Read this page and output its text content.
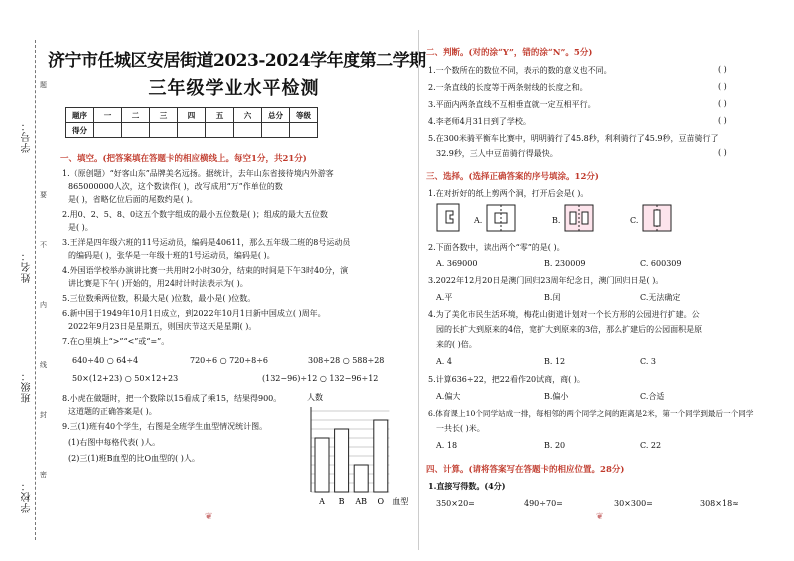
学号：
姓名：
班级：
学校：
题
要
不
内
线
封
密
济宁市任城区安居街道2023-2024学年度第二学期
三年级学业水平检测
题序	一	二	三	四	五	六	总分	等级
得分								
一、填空。(把答案填在答题卡的相应横线上。每空1分，共21分)
1.（原创题）“好客山东”品牌美名远扬。据统计，去年山东省接待境内外游客
865000000人次，这个数读作( )，改写成用“万”作单位的数
是( )，省略亿位后面的尾数约是( )。
2.用0、2、5、8、0这五个数字组成的最小五位数是( )；组成的最大五位数
是( )。
3.王洋是四年级六班的11号运动员，编码是40611，那么五年级二班的8号运动员
的编码是( )，张华是一年级十班的1号运动员，编码是( )。
4.外国语学校举办演讲比赛一共用时2小时30分，结束的时间是下午3时40分，演
讲比赛是下午( )开始的，用24时计时法表示为( )。
5.三位数乘两位数，积最大是( )位数，最小是( )位数。
6.新中国于1949年10月1日成立，到2022年10月1日新中国成立( )周年。
2022年9月23日是星期五，则国庆节这天是星期( )。
7.在○里填上“>”“<”或“=”。
640÷40 ○ 64÷4	720÷6 ○ 720÷8÷6	308÷28 ○ 588÷28
50×(12+23) ○ 50×12+23	(132−96)÷12 ○ 132−96÷12
8.小虎在做题时，把一个数除以15看成了乘15，结果得900。
这道题的正确答案是( )。
9.三(1)班有40个学生，右图是全班学生血型情况统计图。
(1)右图中每格代表( )人。
(2)三(1)班B血型的比O血型的( )人。
人数
A B AB O 血型
二、判断。(对的涂“Y”，错的涂“N”。5分)
1.一个数所在的数位不同，表示的数的意义也不同。	( )
2.一条直线的长度等于两条射线的长度之和。	( )
3.平面内两条直线不互相垂直就一定互相平行。	( )
4.李老师4月31日到了学校。	( )
5.在300米骑平衡车比赛中，明明骑行了45.8秒，利利骑行了45.9秒，豆苗骑行了
32.9秒，三人中豆苗骑行得最快。	( )
三、选择。(选择正确答案的序号填涂。12分)
1.在对折好的纸上剪两个洞，打开后会是( )。
A.	B.	C.
2.下面各数中，读出两个“零”的是( )。
A. 369000	B. 230009	C. 600309
3.2022年12月20日是澳门回归23周年纪念日，澳门回归日是( )。
A.平	B.闰	C.无法确定
4.为了美化市民生活环境，梅花山街道计划对一个长方形的公园进行扩建。公
园的长扩大到原来的4倍，宽扩大到原来的3倍，那么扩建后的公园面积是原
来的( )倍。
A. 4	B. 12	C. 3
5.计算636÷22，把22看作20试商，商( )。
A.偏大	B.偏小	C.合适
6.体育课上10个同学站成一排，每相邻的两个同学之间的距离是2米，第一个同学到最后一个同学
一共长( )米。
A. 18	B. 20	C. 22
四、计算。(请将答案写在答题卡的相应位置。28分)
1.直接写得数。(4分)
350×20=	490÷70=	30×300=	308×18≈
❦	❦
